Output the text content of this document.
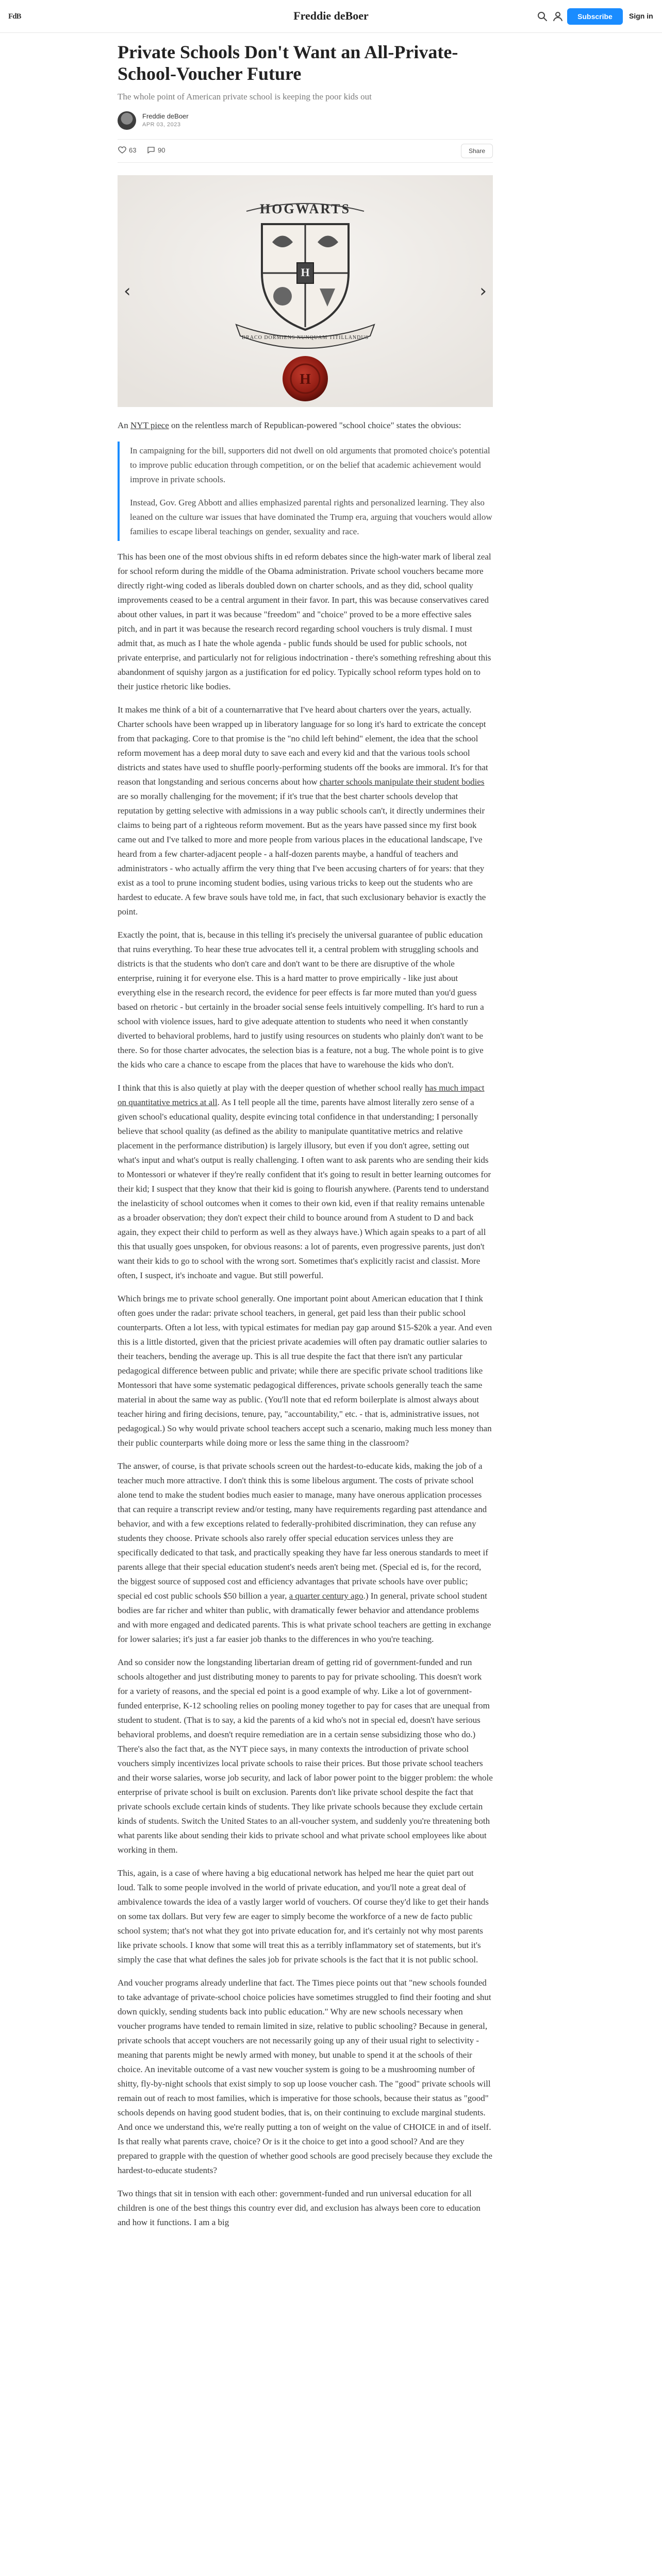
FdB	Freddie deBoer	Subscribe	Sign in
Private Schools Don't Want an All-Private-School-Voucher Future
The whole point of American private school is keeping the poor kids out
Freddie deBoer
APR 03, 2023
63	90	Share
HOGWARTS
H
DRACO DORMIENS NUNQUAM TITILLANDUS
H
‹	›

An NYT piece on the relentless march of Republican-powered "school choice" states the obvious:

In campaigning for the bill, supporters did not dwell on old arguments that promoted choice's potential to improve public education through competition, or on the belief that academic achievement would improve in private schools.

Instead, Gov. Greg Abbott and allies emphasized parental rights and personalized learning. They also leaned on the culture war issues that have dominated the Trump era, arguing that vouchers would allow families to escape liberal teachings on gender, sexuality and race.

This has been one of the most obvious shifts in ed reform debates since the high-water mark of liberal zeal for school reform during the middle of the Obama administration. Private school vouchers became more directly right-wing coded as liberals doubled down on charter schools, and as they did, school quality improvements ceased to be a central argument in their favor. In part, this was because conservatives cared about other values, in part it was because "freedom" and "choice" proved to be a more effective sales pitch, and in part it was because the research record regarding school vouchers is truly dismal. I must admit that, as much as I hate the whole agenda - public funds should be used for public schools, not private enterprise, and particularly not for religious indoctrination - there's something refreshing about this abandonment of squishy jargon as a justification for ed policy. Typically school reform types hold on to their justice rhetoric like bodies.

It makes me think of a bit of a counternarrative that I've heard about charters over the years, actually. Charter schools have been wrapped up in liberatory language for so long it's hard to extricate the concept from that packaging. Core to that promise is the "no child left behind" element, the idea that the school reform movement has a deep moral duty to save each and every kid and that the various tools school districts and states have used to shuffle poorly-performing students off the books are immoral. It's for that reason that longstanding and serious concerns about how charter schools manipulate their student bodies are so morally challenging for the movement; if it's true that the best charter schools develop that reputation by getting selective with admissions in a way public schools can't, it directly undermines their claims to being part of a righteous reform movement. But as the years have passed since my first book came out and I've talked to more and more people from various places in the educational landscape, I've heard from a few charter-adjacent people - a half-dozen parents maybe, a handful of teachers and administrators - who actually affirm the very thing that I've been accusing charters of for years: that they exist as a tool to prune incoming student bodies, using various tricks to keep out the students who are hardest to educate. A few brave souls have told me, in fact, that such exclusionary behavior is exactly the point.

Exactly the point, that is, because in this telling it's precisely the universal guarantee of public education that ruins everything. To hear these true advocates tell it, a central problem with struggling schools and districts is that the students who don't care and don't want to be there are disruptive of the whole enterprise, ruining it for everyone else. This is a hard matter to prove empirically - like just about everything else in the research record, the evidence for peer effects is far more muted than you'd guess based on rhetoric - but certainly in the broader social sense feels intuitively compelling. It's hard to run a school with violence issues, hard to give adequate attention to students who need it when constantly diverted to behavioral problems, hard to justify using resources on students who plainly don't want to be there. So for those charter advocates, the selection bias is a feature, not a bug. The whole point is to give the kids who care a chance to escape from the places that have to warehouse the kids who don't.

I think that this is also quietly at play with the deeper question of whether school really has much impact on quantitative metrics at all. As I tell people all the time, parents have almost literally zero sense of a given school's educational quality, despite evincing total confidence in that understanding; I personally believe that school quality (as defined as the ability to manipulate quantitative metrics and relative placement in the performance distribution) is largely illusory, but even if you don't agree, setting out what's input and what's output is really challenging. I often want to ask parents who are sending their kids to Montessori or whatever if they're really confident that it's going to result in better learning outcomes for their kid; I suspect that they know that their kid is going to flourish anywhere. (Parents tend to understand the inelasticity of school outcomes when it comes to their own kid, even if that reality remains untenable as a broader observation; they don't expect their child to bounce around from A student to D and back again, they expect their child to perform as well as they always have.) Which again speaks to a part of all this that usually goes unspoken, for obvious reasons: a lot of parents, even progressive parents, just don't want their kids to go to school with the wrong sort. Sometimes that's explicitly racist and classist. More often, I suspect, it's inchoate and vague. But still powerful.

Which brings me to private school generally. One important point about American education that I think often goes under the radar: private school teachers, in general, get paid less than their public school counterparts. Often a lot less, with typical estimates for median pay gap around $15-$20k a year. And even this is a little distorted, given that the priciest private academies will often pay dramatic outlier salaries to their teachers, bending the average up. This is all true despite the fact that there isn't any particular pedagogical difference between public and private; while there are specific private school traditions like Montessori that have some systematic pedagogical differences, private schools generally teach the same material in about the same way as public. (You'll note that ed reform boilerplate is almost always about teacher hiring and firing decisions, tenure, pay, "accountability," etc. - that is, administrative issues, not pedagogical.) So why would private school teachers accept such a scenario, making much less money than their public counterparts while doing more or less the same thing in the classroom?

The answer, of course, is that private schools screen out the hardest-to-educate kids, making the job of a teacher much more attractive. I don't think this is some libelous argument. The costs of private school alone tend to make the student bodies much easier to manage, many have onerous application processes that can require a transcript review and/or testing, many have requirements regarding past attendance and behavior, and with a few exceptions related to federally-prohibited discrimination, they can refuse any students they choose. Private schools also rarely offer special education services unless they are specifically dedicated to that task, and practically speaking they have far less onerous standards to meet if parents allege that their special education student's needs aren't being met. (Special ed is, for the record, the biggest source of supposed cost and efficiency advantages that private schools have over public; special ed cost public schools $50 billion a year, a quarter century ago.) In general, private school student bodies are far richer and whiter than public, with dramatically fewer behavior and attendance problems and with more engaged and dedicated parents. This is what private school teachers are getting in exchange for lower salaries; it's just a far easier job thanks to the differences in who you're teaching.

And so consider now the longstanding libertarian dream of getting rid of government-funded and run schools altogether and just distributing money to parents to pay for private schooling. This doesn't work for a variety of reasons, and the special ed point is a good example of why. Like a lot of government-funded enterprise, K-12 schooling relies on pooling money together to pay for cases that are unequal from student to student. (That is to say, a kid the parents of a kid who's not in special ed, doesn't have serious behavioral problems, and doesn't require remediation are in a certain sense subsidizing those who do.) There's also the fact that, as the NYT piece says, in many contexts the introduction of private school vouchers simply incentivizes local private schools to raise their prices. But those private school teachers and their worse salaries, worse job security, and lack of labor power point to the bigger problem: the whole enterprise of private school is built on exclusion. Parents don't like private school despite the fact that private schools exclude certain kinds of students. They like private schools because they exclude certain kinds of students. Switch the United States to an all-voucher system, and suddenly you're threatening both what parents like about sending their kids to private school and what private school employees like about working in them.

This, again, is a case of where having a big educational network has helped me hear the quiet part out loud. Talk to some people involved in the world of private education, and you'll note a great deal of ambivalence towards the idea of a vastly larger world of vouchers. Of course they'd like to get their hands on some tax dollars. But very few are eager to simply become the workforce of a new de facto public school system; that's not what they got into private education for, and it's certainly not why most parents like private schools. I know that some will treat this as a terribly inflammatory set of statements, but it's simply the case that what defines the sales job for private schools is the fact that it is not public school.

And voucher programs already underline that fact. The Times piece points out that "new schools founded to take advantage of private-school choice policies have sometimes struggled to find their footing and shut down quickly, sending students back into public education." Why are new schools necessary when voucher programs have tended to remain limited in size, relative to public schooling? Because in general, private schools that accept vouchers are not necessarily going up any of their usual right to selectivity - meaning that parents might be newly armed with money, but unable to spend it at the schools of their choice. An inevitable outcome of a vast new voucher system is going to be a mushrooming number of shitty, fly-by-night schools that exist simply to sop up loose voucher cash. The "good" private schools will remain out of reach to most families, which is imperative for those schools, because their status as "good" schools depends on having good student bodies, that is, on their continuing to exclude marginal students. And once we understand this, we're really putting a ton of weight on the value of CHOICE in and of itself. Is that really what parents crave, choice? Or is it the choice to get into a good school? And are they prepared to grapple with the question of whether good schools are good precisely because they exclude the hardest-to-educate students?

Two things that sit in tension with each other: government-funded and run universal education for all children is one of the best things this country ever did, and exclusion has always been core to education and how it functions. I am a big
